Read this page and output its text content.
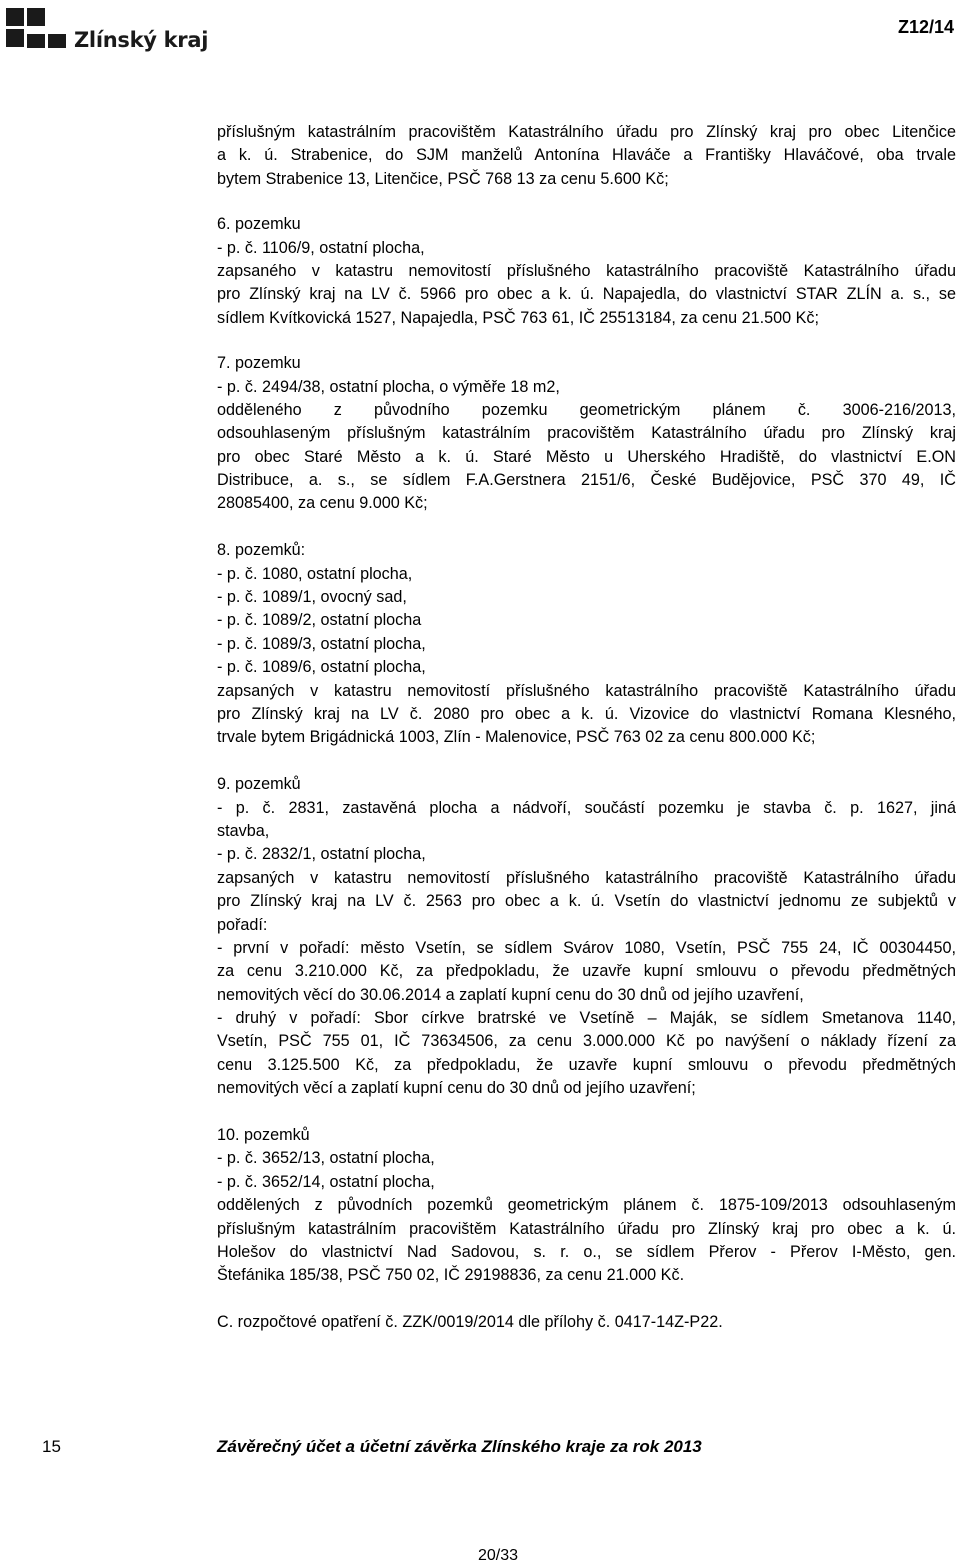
Zlínský kraj
Z12/14
příslušným katastrálním pracovištěm Katastrálního úřadu pro Zlínský kraj pro obec Litenčice
a k. ú. Strabenice, do SJM manželů Antonína Hlaváče a Františky Hlaváčové, oba trvale
bytem Strabenice 13, Litenčice, PSČ 768 13 za cenu 5.600 Kč;
6. pozemku
- p. č. 1106/9, ostatní plocha,
zapsaného v katastru nemovitostí příslušného katastrálního pracoviště Katastrálního úřadu
pro Zlínský kraj na LV č. 5966 pro obec a k. ú. Napajedla, do vlastnictví STAR ZLÍN a. s., se
sídlem Kvítkovická 1527, Napajedla, PSČ 763 61, IČ 25513184, za cenu 21.500 Kč;
7. pozemku
- p. č. 2494/38, ostatní plocha, o výměře 18 m2,
odděleného z původního pozemku geometrickým plánem č. 3006-216/2013,
odsouhlaseným příslušným katastrálním pracovištěm Katastrálního úřadu pro Zlínský kraj
pro obec Staré Město a k. ú. Staré Město u Uherského Hradiště, do vlastnictví E.ON
Distribuce, a. s., se sídlem F.A.Gerstnera 2151/6, České Budějovice, PSČ 370 49, IČ
28085400, za cenu 9.000 Kč;
8. pozemků:
- p. č. 1080, ostatní plocha,
- p. č. 1089/1, ovocný sad,
- p. č. 1089/2, ostatní plocha
- p. č. 1089/3, ostatní plocha,
- p. č. 1089/6, ostatní plocha,
zapsaných v katastru nemovitostí příslušného katastrálního pracoviště Katastrálního úřadu
pro Zlínský kraj na LV č. 2080 pro obec a k. ú. Vizovice do vlastnictví Romana Klesného,
trvale bytem Brigádnická 1003, Zlín - Malenovice, PSČ 763 02 za cenu 800.000 Kč;
9. pozemků
- p. č. 2831, zastavěná plocha a nádvoří, součástí pozemku je stavba č. p. 1627, jiná
stavba,
- p. č. 2832/1, ostatní plocha,
zapsaných v katastru nemovitostí příslušného katastrálního pracoviště Katastrálního úřadu
pro Zlínský kraj na LV č. 2563 pro obec a k. ú. Vsetín do vlastnictví jednomu ze subjektů v
pořadí:
- první v pořadí: město Vsetín, se sídlem Svárov 1080, Vsetín, PSČ 755 24, IČ 00304450,
za cenu 3.210.000 Kč, za předpokladu, že uzavře kupní smlouvu o převodu předmětných
nemovitých věcí do 30.06.2014 a zaplatí kupní cenu do 30 dnů od jejího uzavření,
- druhý v pořadí: Sbor církve bratrské ve Vsetíně – Maják, se sídlem Smetanova 1140,
Vsetín, PSČ 755 01, IČ 73634506, za cenu 3.000.000 Kč po navýšení o náklady řízení za
cenu 3.125.500 Kč, za předpokladu, že uzavře kupní smlouvu o převodu předmětných
nemovitých věcí a zaplatí kupní cenu do 30 dnů od jejího uzavření;
10. pozemků
- p. č. 3652/13, ostatní plocha,
- p. č. 3652/14, ostatní plocha,
oddělených z původních pozemků geometrickým plánem č. 1875-109/2013 odsouhlaseným
příslušným katastrálním pracovištěm Katastrálního úřadu pro Zlínský kraj pro obec a k. ú.
Holešov do vlastnictví Nad Sadovou, s. r. o., se sídlem Přerov - Přerov I-Město, gen.
Štefánika 185/38, PSČ 750 02, IČ 29198836, za cenu 21.000 Kč.
C. rozpočtové opatření č. ZZK/0019/2014 dle přílohy č. 0417-14Z-P22.
15	Závěrečný účet a účetní závěrka Zlínského kraje za rok 2013
20/33
